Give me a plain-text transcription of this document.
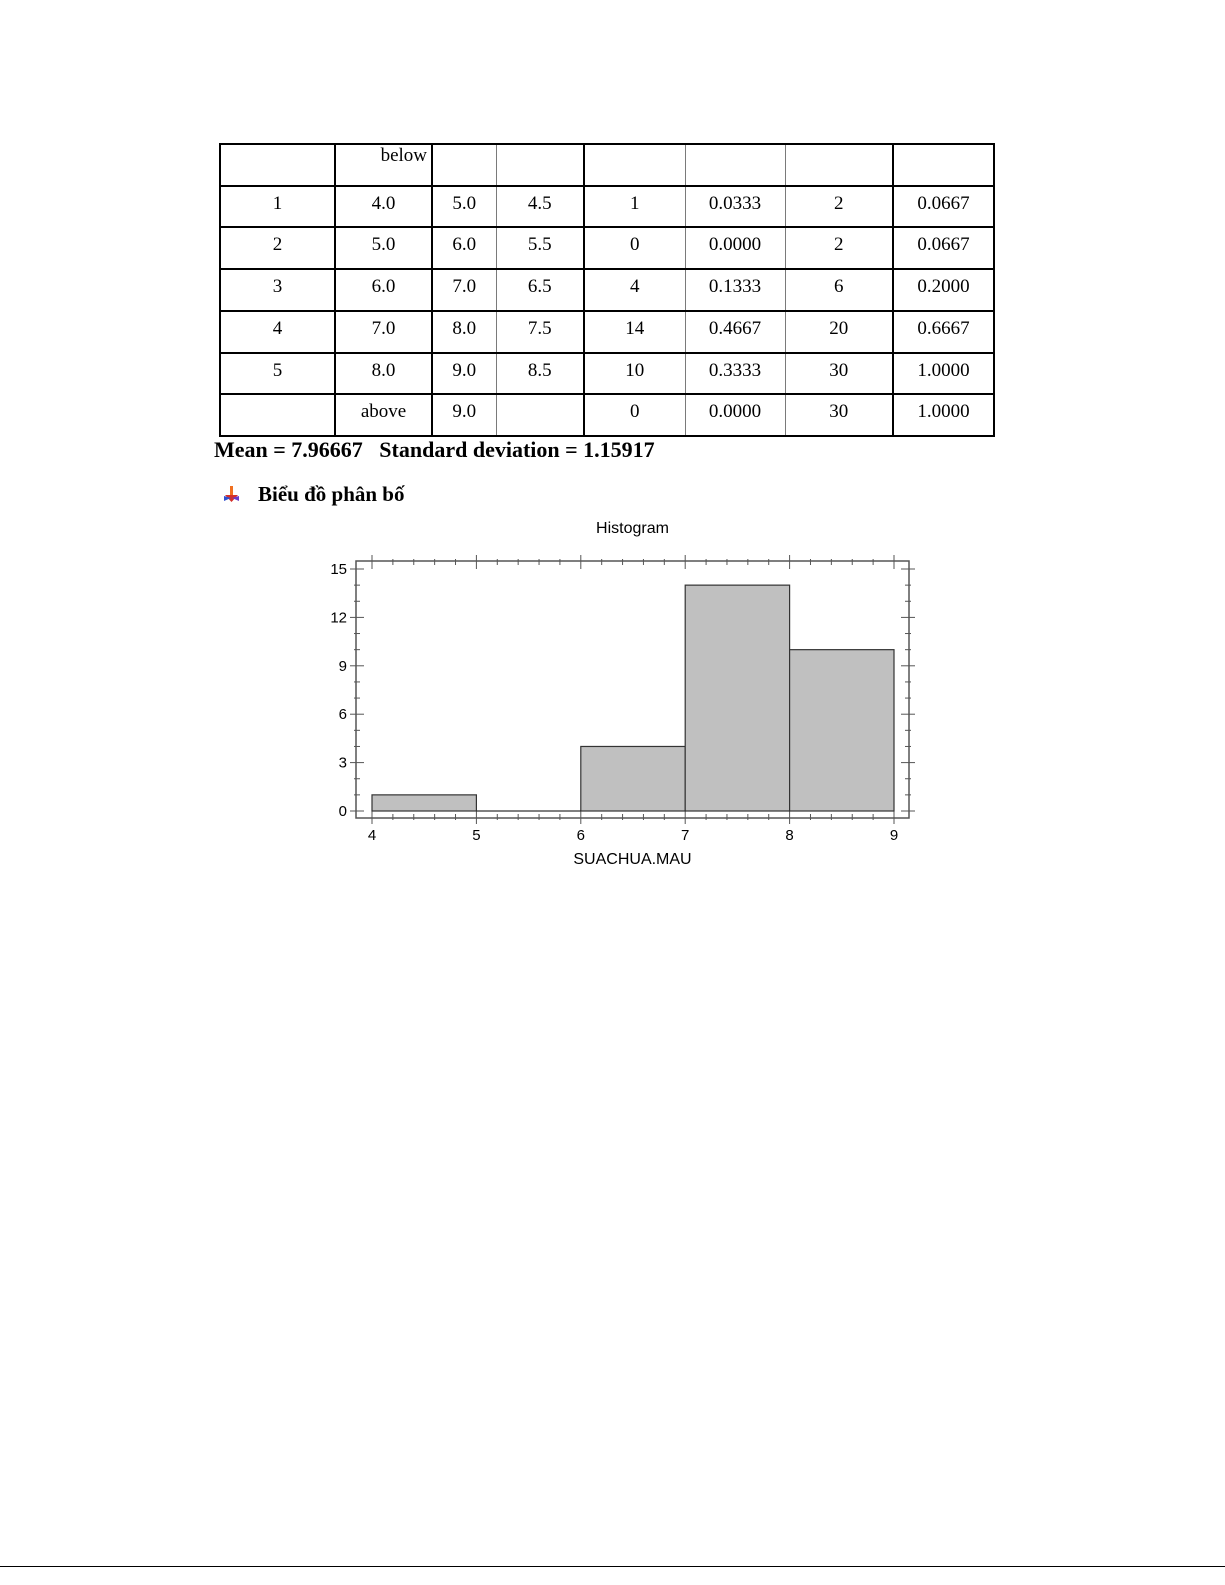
	below						
1	4.0	5.0	4.5	1	0.0333	2	0.0667
2	5.0	6.0	5.5	0	0.0000	2	0.0667
3	6.0	7.0	6.5	4	0.1333	6	0.2000
4	7.0	8.0	7.5	14	0.4667	20	0.6667
5	8.0	9.0	8.5	10	0.3333	30	1.0000
	above	9.0		0	0.0000	30	1.0000
Mean = 7.96667   Standard deviation = 1.15917
Biểu đồ phân bố
0
3
6
9
12
15
4	5	6	7	8	9
Histogram
SUACHUA.MAU
